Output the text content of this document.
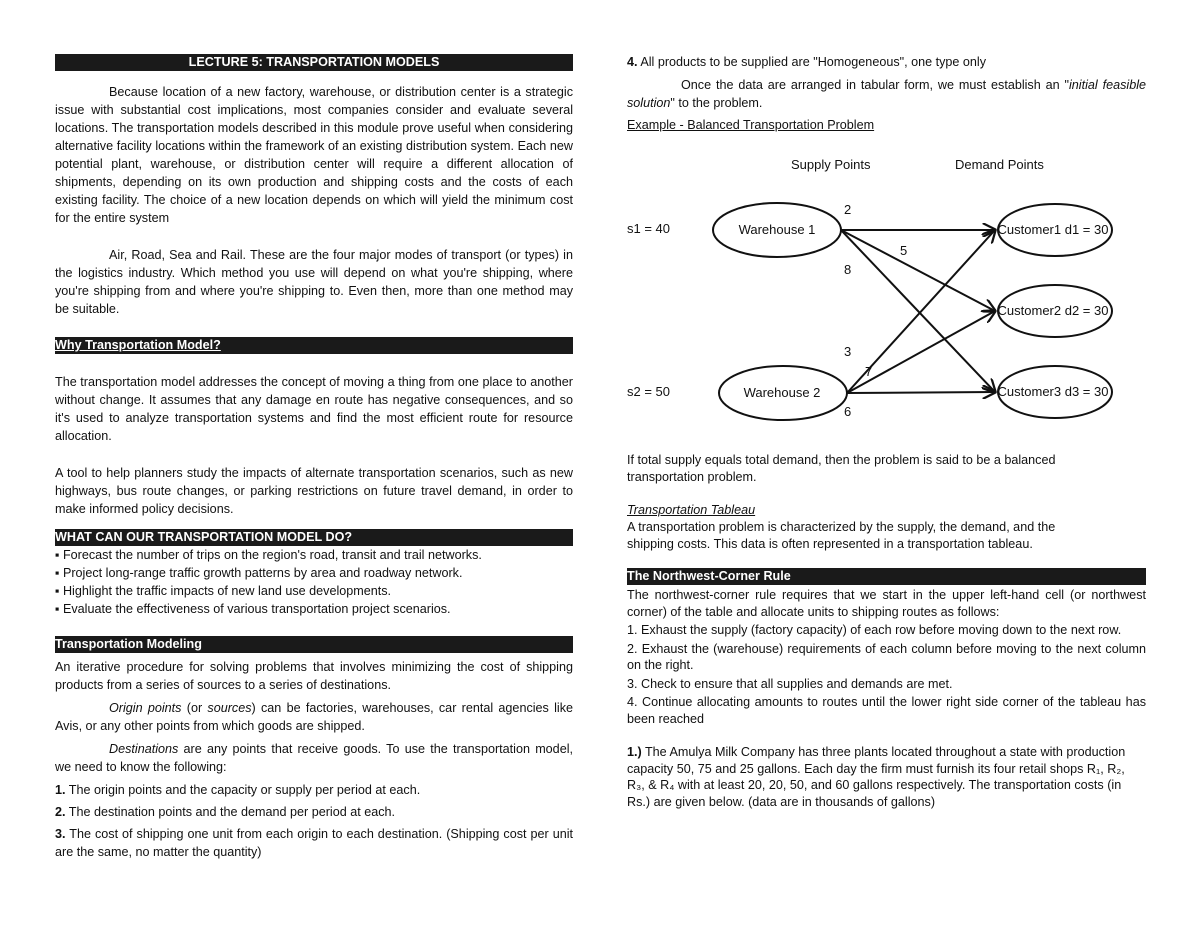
LECTURE 5: TRANSPORTATION MODELS

Because location of a new factory, warehouse, or distribution center is a strategic issue with substantial cost implications, most companies consider and evaluate several locations. The transportation models described in this module prove useful when considering alternative facility locations within the framework of an existing distribution system. Each new potential plant, warehouse, or distribution center will require a different allocation of shipments, depending on its own production and shipping costs and the costs of each existing facility. The choice of a new location depends on which will yield the minimum cost for the entire system

Air, Road, Sea and Rail. These are the four major modes of transport (or types) in the logistics industry. Which method you use will depend on what you're shipping, where you're shipping from and where you're shipping to. Even then, more than one method may be suitable.

Why Transportation Model?

The transportation model addresses the concept of moving a thing from one place to another without change. It assumes that any damage en route has negative consequences, and so it's used to analyze transportation systems and find the most efficient route for resource allocation.

A tool to help planners study the impacts of alternate transportation scenarios, such as new highways, bus route changes, or parking restrictions on future travel demand, in order to make informed policy decisions.

WHAT CAN OUR TRANSPORTATION MODEL DO?

▪ Forecast the number of trips on the region's road, transit and trail networks.

▪ Project long-range traffic growth patterns by area and roadway network.

▪ Highlight the traffic impacts of new land use developments.

▪ Evaluate the effectiveness of various transportation project scenarios.

Transportation Modeling

An iterative procedure for solving problems that involves minimizing the cost of shipping products from a series of sources to a series of destinations.

Origin points (or sources) can be factories, warehouses, car rental agencies like Avis, or any other points from which goods are shipped.

Destinations are any points that receive goods. To use the transportation model, we need to know the following:

1. The origin points and the capacity or supply per period at each.

2. The destination points and the demand per period at each.

3. The cost of shipping one unit from each origin to each destination. (Shipping cost per unit are the same, no matter the quantity)

4. All products to be supplied are "Homogeneous", one type only

Once the data are arranged in tabular form, we must establish an "initial feasible solution" to the problem.

Example - Balanced Transportation Problem

Supply Points	Demand Points
s1 = 40
s2 = 50
Warehouse 1
Warehouse 2
Customer1 d1 = 30
Customer2 d2 = 30
Customer3 d3 = 30
2
5
8
3
7
6

If total supply equals total demand, then the problem is said to be a balanced transportation problem.

Transportation Tableau

A transportation problem is characterized by the supply, the demand, and the shipping costs. This data is often represented in a transportation tableau.

The Northwest-Corner Rule

The northwest-corner rule requires that we start in the upper left-hand cell (or northwest corner) of the table and allocate units to shipping routes as follows:

1. Exhaust the supply (factory capacity) of each row before moving down to the next row.

2. Exhaust the (warehouse) requirements of each column before moving to the next column on the right.

3. Check to ensure that all supplies and demands are met.

4. Continue allocating amounts to routes until the lower right side corner of the tableau has been reached

1.) The Amulya Milk Company has three plants located throughout a state with production capacity 50, 75 and 25 gallons. Each day the firm must furnish its four retail shops R₁, R₂, R₃, & R₄ with at least 20, 20, 50, and 60 gallons respectively. The transportation costs (in Rs.) are given below. (data are in thousands of gallons)
